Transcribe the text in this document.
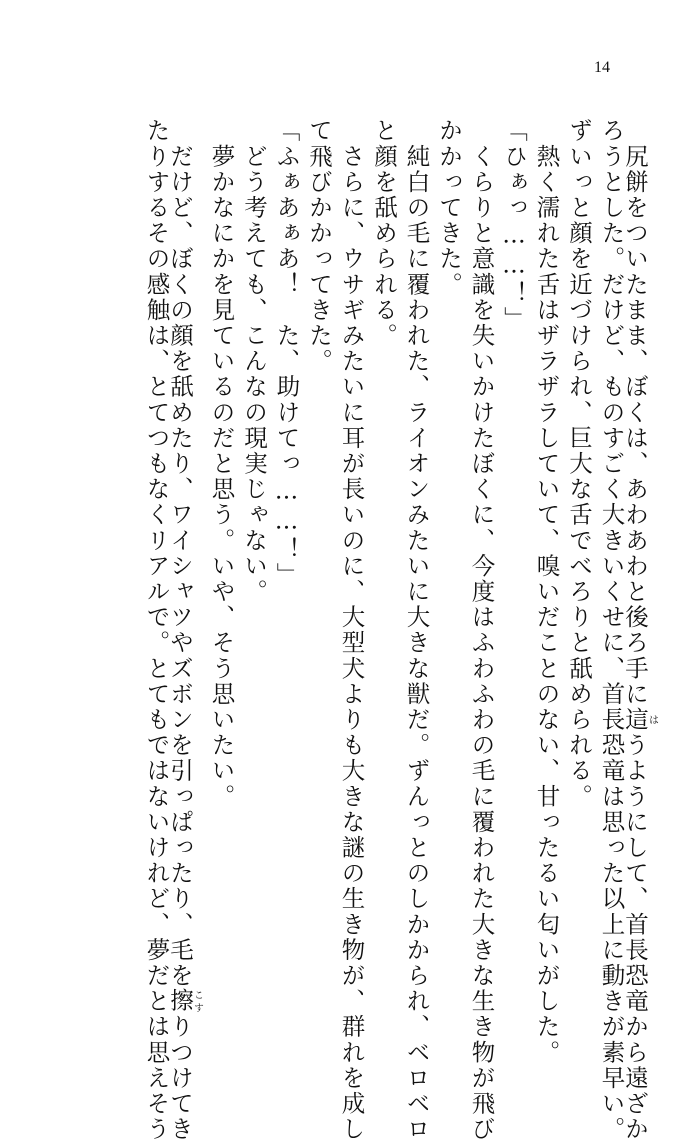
14
　尻餅をついたまま、ぼくは、あわあわと後ろ手に這はうようにして、首長恐竜から遠ざか
ろうとした。だけど、ものすごく大きいくせに、首長恐竜は思った以上に動きが素早い。
ずいっと顔を近づけられ、巨大な舌でべろりと舐められる。
　熱く濡れた舌はザラザラしていて、嗅いだことのない、甘ったるい匂いがした。
「ひぁっ……！」
　くらりと意識を失いかけたぼくに、今度はふわふわの毛に覆われた大きな生き物が飛び
かかってきた。
　純白の毛に覆われた、ライオンみたいに大きな獣だ。ずんっとのしかかられ、ベロベロ
と顔を舐められる。
　さらに、ウサギみたいに耳が長いのに、大型犬よりも大きな謎の生き物が、群れを成し
て飛びかかってきた。
「ふぁあぁあ！　た、助けてっ……！」
　どう考えても、こんなの現実じゃない。
　夢かなにかを見ているのだと思う。いや、そう思いたい。
　だけど、ぼくの顔を舐めたり、ワイシャツやズボンを引っぱったり、毛を擦こすりつけてき
たりするその感触は、とてつもなくリアルで。とてもではないけれど、夢だとは思えそう
